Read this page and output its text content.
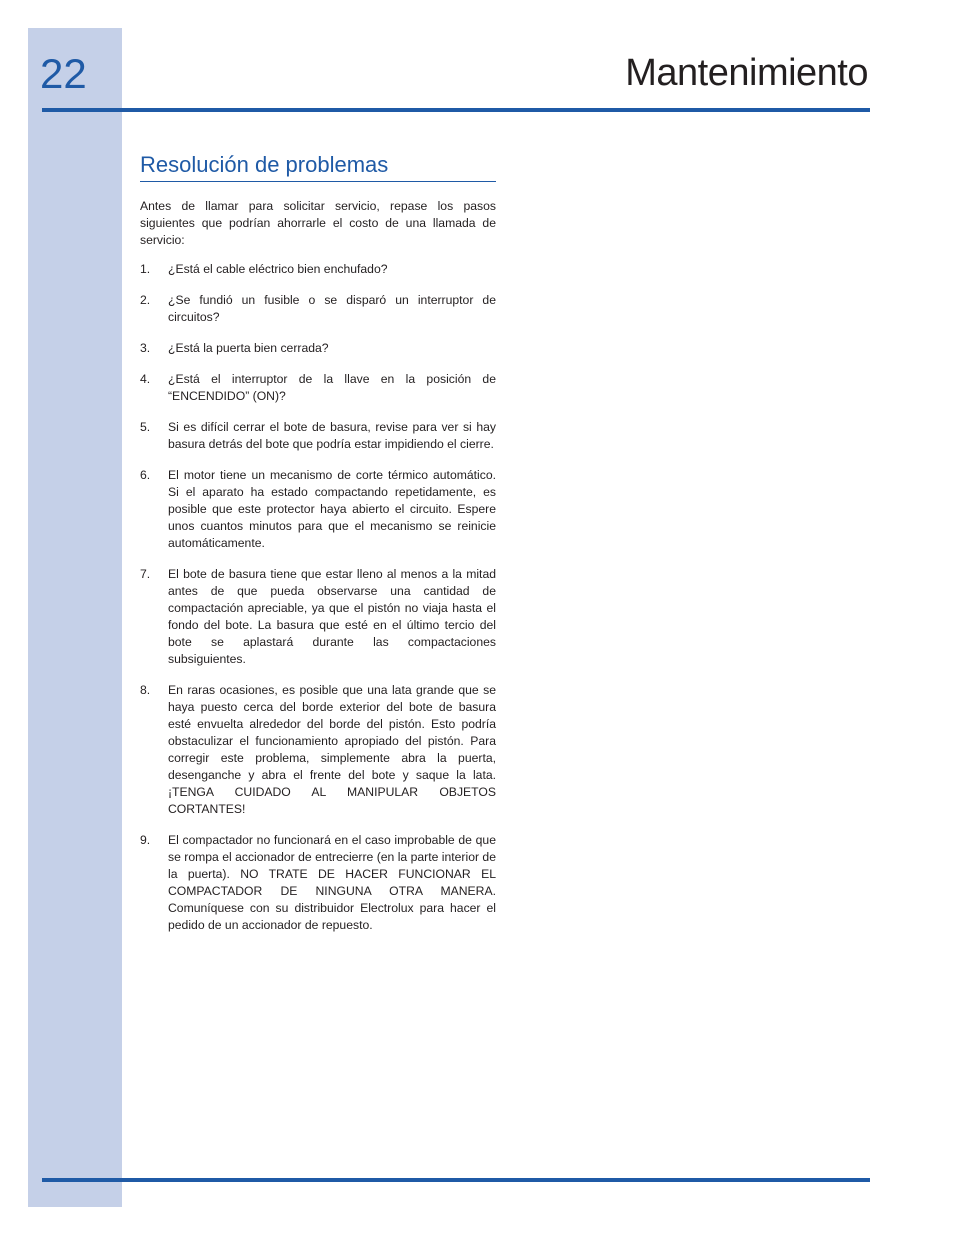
22	Mantenimiento
Resolución de problemas

Antes de llamar para solicitar servicio, repase los pasos siguientes que podrían ahorrarle el costo de una llamada de servicio:

1.	¿Está el cable eléctrico bien enchufado?
2.	¿Se fundió un fusible o se disparó un interruptor de circuitos?
3.	¿Está la puerta bien cerrada?
4.	¿Está el interruptor de la llave en la posición de “ENCENDIDO” (ON)?
5.	Si es difícil cerrar el bote de basura, revise para ver si hay basura detrás del bote que podría estar impidiendo el cierre.
6.	El motor tiene un mecanismo de corte térmico automático. Si el aparato ha estado compactando repetidamente, es posible que este protector haya abierto el circuito. Espere unos cuantos minutos para que el mecanismo se reinicie automáticamente.
7.	El bote de basura tiene que estar lleno al menos a la mitad antes de que pueda observarse una cantidad de compactación apreciable, ya que el pistón no viaja hasta el fondo del bote. La basura que esté en el último tercio del bote se aplastará durante las compactaciones subsiguientes.
8.	En raras ocasiones, es posible que una lata grande que se haya puesto cerca del borde exterior del bote de basura esté envuelta alrededor del borde del pistón. Esto podría obstaculizar el funcionamiento apropiado del pistón. Para corregir este problema, simplemente abra la puerta, desenganche y abra el frente del bote y saque la lata. ¡TENGA CUIDADO AL MANIPULAR OBJETOS CORTANTES!
9.	El compactador no funcionará en el caso improbable de que se rompa el accionador de entrecierre (en la parte interior de la puerta). NO TRATE DE HACER FUNCIONAR EL COMPACTADOR DE NINGUNA OTRA MANERA. Comuníquese con su distribuidor Electrolux para hacer el pedido de un accionador de repuesto.
